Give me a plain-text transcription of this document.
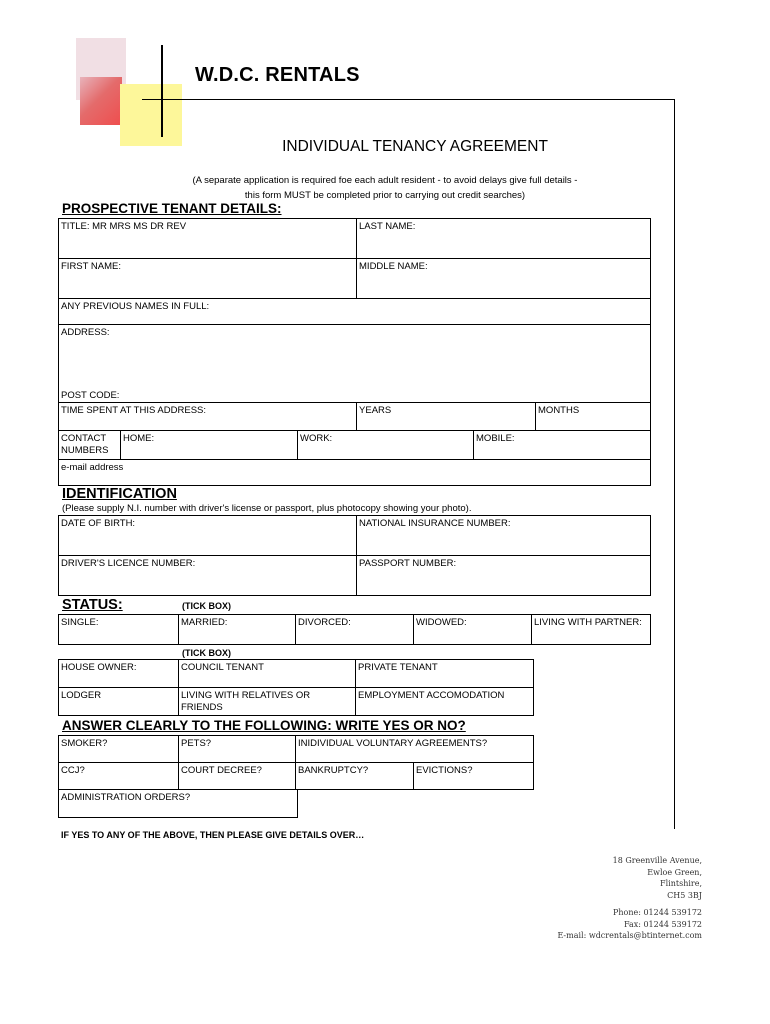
W.D.C. RENTALS
INDIVIDUAL TENANCY AGREEMENT
(A separate application is required foe each adult resident - to avoid delays give full details -
this form MUST be completed prior to carrying out credit searches)
PROSPECTIVE TENANT DETAILS:
TITLE: MR MRS MS DR REV	LAST NAME:
FIRST NAME:	MIDDLE NAME:
ANY PREVIOUS NAMES IN FULL:

ADDRESS:
POST CODE:

TIME SPENT AT THIS ADDRESS:		YEARS	MONTHS

CONTACT
NUMBERS	HOME:	WORK:	MOBILE:
e-mail address
IDENTIFICATION
(Please supply N.I. number with driver's license or passport, plus photocopy showing your photo).
DATE OF BIRTH:	NATIONAL INSURANCE NUMBER:
DRIVER'S LICENCE NUMBER:	PASSPORT NUMBER:
STATUS:	(TICK BOX)
SINGLE:	MARRIED:	DIVORCED:	WIDOWED:	LIVING WITH PARTNER:
(TICK BOX)
HOUSE OWNER:	COUNCIL TENANT	PRIVATE TENANT
LODGER	LIVING WITH RELATIVES OR FRIENDS	EMPLOYMENT ACCOMODATION
ANSWER CLEARLY TO THE FOLLOWING: WRITE YES OR NO?
SMOKER?	PETS?	INIDIVIDUAL VOLUNTARY AGREEMENTS?	
CCJ?	COURT DECREE?	BANKRUPTCY?	EVICTIONS?
ADMINISTRATION ORDERS?
IF YES TO ANY OF THE ABOVE, THEN PLEASE GIVE DETAILS OVER…
18 Greenville Avenue,
Ewloe Green,
Flintshire,
CH5 3BJ
Phone: 01244 539172
Fax: 01244 539172
E-mail: wdcrentals@btinternet.com
